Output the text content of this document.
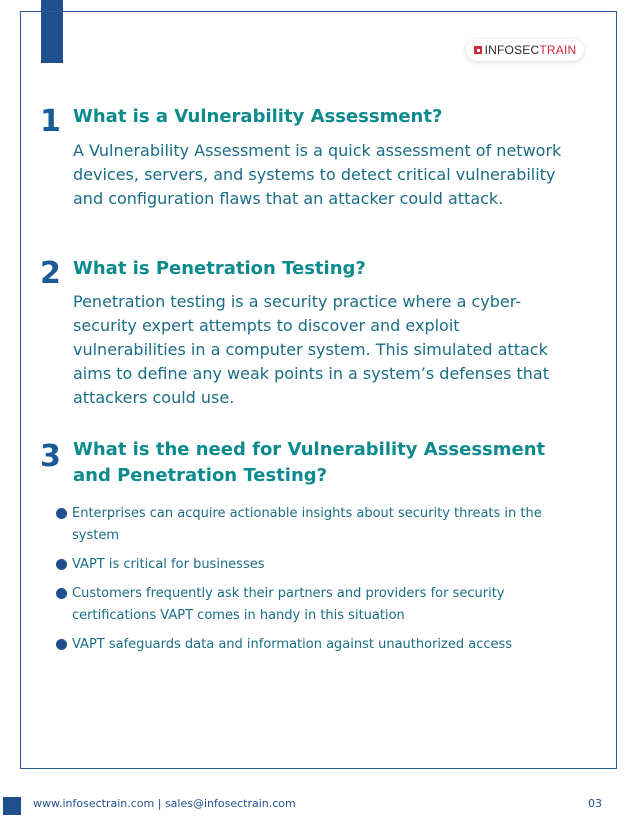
INFOSEC TRAIN
1 What is a Vulnerability Assessment?
A Vulnerability Assessment is a quick assessment of network devices, servers, and systems to detect critical vulnerability and configuration flaws that an attacker could attack.
2 What is Penetration Testing?
Penetration testing is a security practice where a cyber-security expert attempts to discover and exploit vulnerabilities in a computer system. This simulated attack aims to define any weak points in a system’s defenses that attackers could use.
3 What is the need for Vulnerability Assessment
and Penetration Testing?
Enterprises can acquire actionable insights about security threats in the system
VAPT is critical for businesses
Customers frequently ask their partners and providers for security certifications VAPT comes in handy in this situation
VAPT safeguards data and information against unauthorized access
www.infosectrain.com | sales@infosectrain.com	03
